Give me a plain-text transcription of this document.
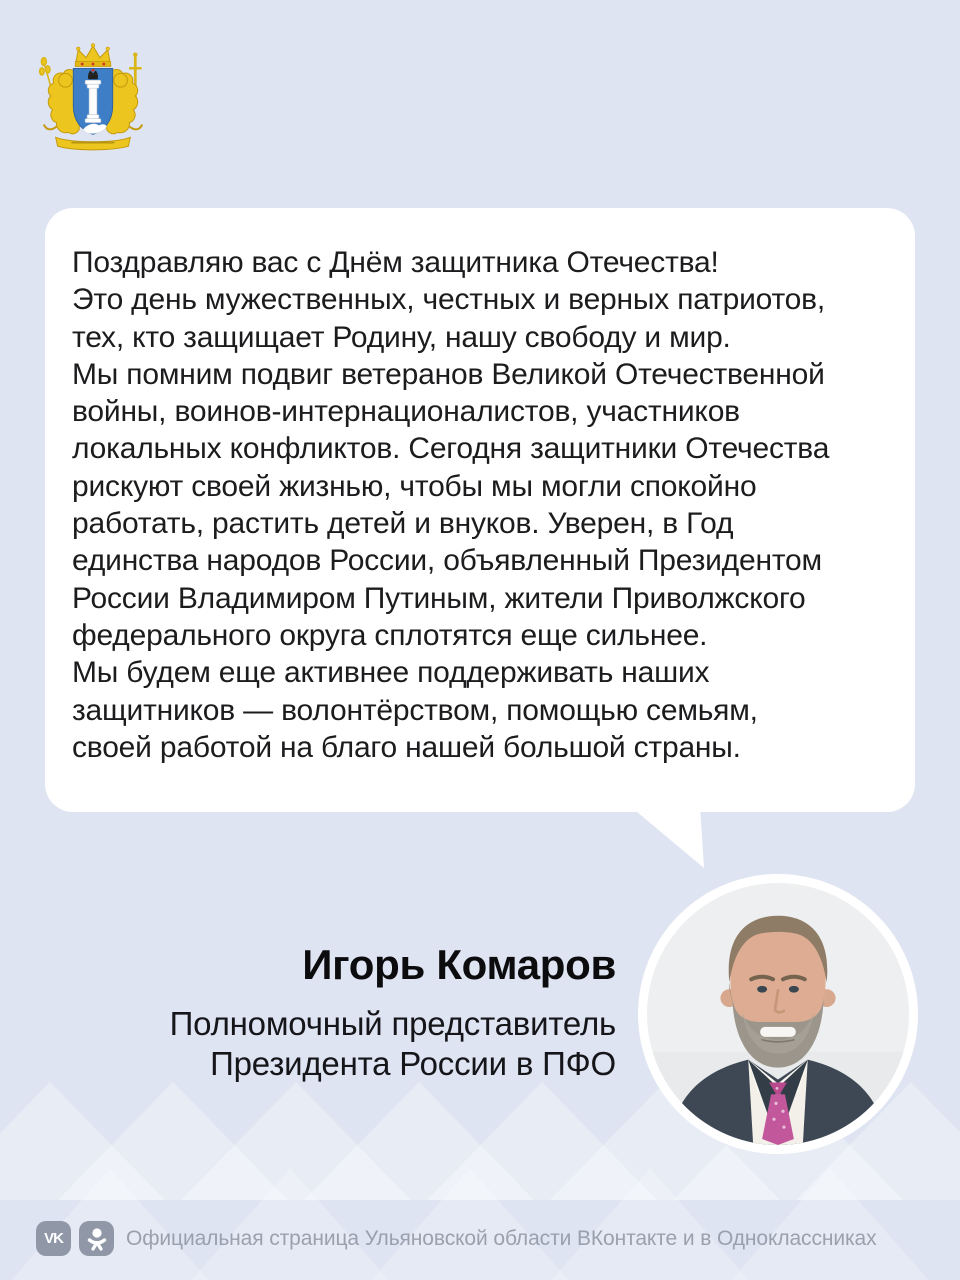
Поздравляю вас с Днём защитника Отечества!
Это день мужественных, честных и верных патриотов,
тех, кто защищает Родину, нашу свободу и мир.
Мы помним подвиг ветеранов Великой Отечественной
войны, воинов-интернационалистов, участников
локальных конфликтов. Сегодня защитники Отечества
рискуют своей жизнью, чтобы мы могли спокойно
работать, растить детей и внуков. Уверен, в Год
единства народов России, объявленный Президентом
России Владимиром Путиным, жители Приволжского
федерального округа сплотятся еще сильнее.
Мы будем еще активнее поддерживать наших
защитников — волонтёрством, помощью семьям,
своей работой на благо нашей большой страны.
Игорь Комаров
Полномочный представитель
Президента России в ПФО
VK	Официальная страница Ульяновской области ВКонтакте и в Одноклассниках
